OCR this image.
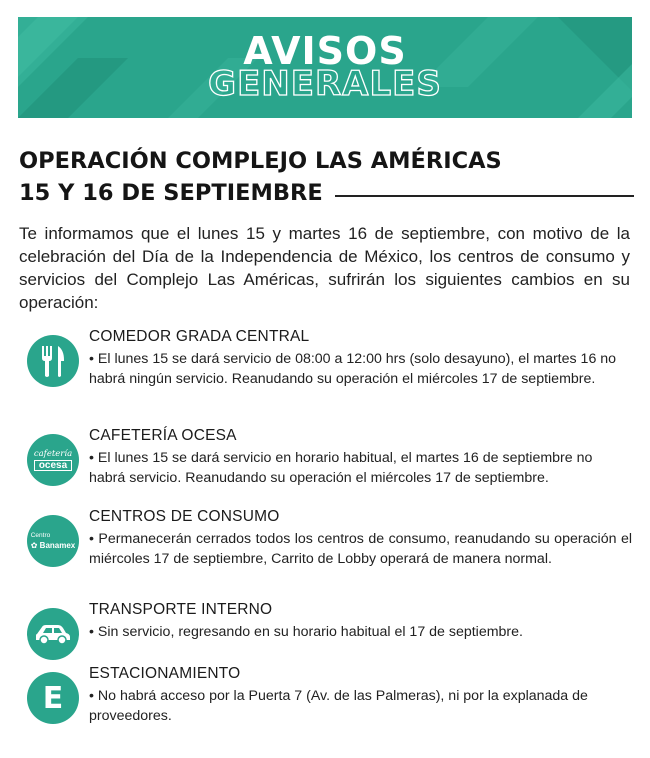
AVISOS
GENERALES
OPERACIÓN COMPLEJO LAS AMÉRICAS
15 Y 16 DE SEPTIEMBRE
Te informamos que el lunes 15 y martes 16 de septiembre, con motivo de la celebración del Día de la Independencia de México, los centros de consumo y servicios del Complejo Las Américas, sufrirán los siguientes cambios en su operación:
COMEDOR GRADA CENTRAL
• El lunes 15 se dará servicio de 08:00 a 12:00 hrs (solo desayuno), el martes 16 no habrá ningún servicio. Reanudando su operación el miércoles 17 de septiembre.
cafetería
ocesa
CAFETERÍA OCESA
• El lunes 15 se dará servicio en horario habitual, el martes 16 de septiembre no habrá servicio. Reanudando su operación el miércoles 17 de septiembre.
Centro
✿ Banamex
CENTROS DE CONSUMO
• Permanecerán cerrados todos los centros de consumo, reanudando su operación el miércoles 17 de septiembre, Carrito de Lobby operará de manera normal.
TRANSPORTE INTERNO
• Sin servicio, regresando en su horario habitual el 17 de septiembre.
E
ESTACIONAMIENTO
• No habrá acceso por la Puerta 7 (Av. de las Palmeras), ni por la explanada de proveedores.
